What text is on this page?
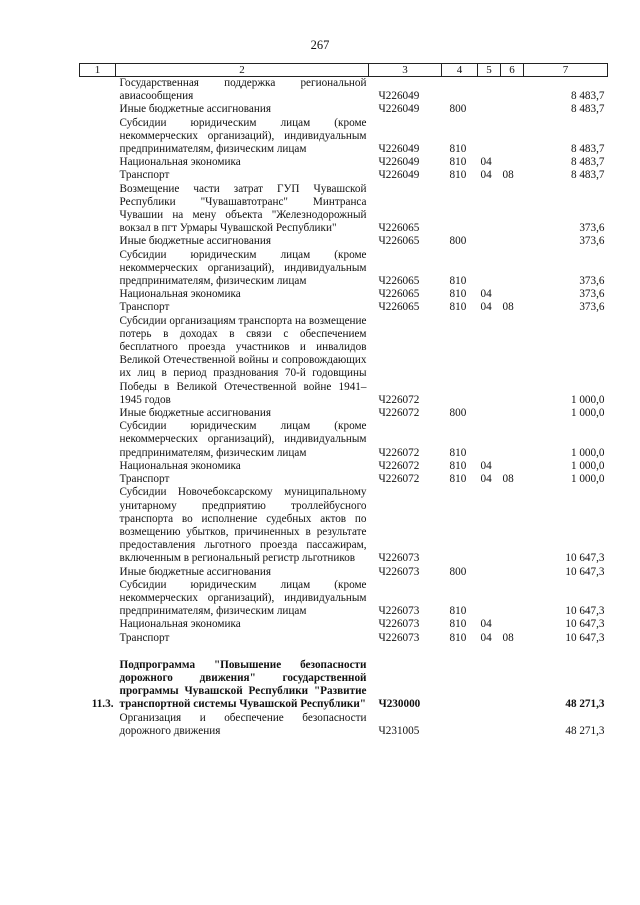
267
1	2	3	4	5	6	7
	Государственная поддержка региональной авиасообщения	Ч226049				8 483,7
	Иные бюджетные ассигнования	Ч226049	800			8 483,7
	Субсидии юридическим лицам (кроме некоммерческих организаций), индивидуальным предпринимателям, физическим лицам	Ч226049	810			8 483,7
	Национальная экономика	Ч226049	810	04		8 483,7
	Транспорт	Ч226049	810	04	08	8 483,7
	Возмещение части затрат ГУП Чувашской Республики "Чувашавтотранс" Минтранса Чувашии на мену объекта "Железнодорожный вокзал в пгт Урмары Чувашской Республики"	Ч226065				373,6
	Иные бюджетные ассигнования	Ч226065	800			373,6
	Субсидии юридическим лицам (кроме некоммерческих организаций), индивидуальным предпринимателям, физическим лицам	Ч226065	810			373,6
	Национальная экономика	Ч226065	810	04		373,6
	Транспорт	Ч226065	810	04	08	373,6
	Субсидии организациям транспорта на возмещение потерь в доходах в связи с обеспечением бесплатного проезда участников и инвалидов Великой Отечественной войны и сопровождающих их лиц в период празднования 70-й годовщины Победы в Великой Отечественной войне 1941–1945 годов	Ч226072				1 000,0
	Иные бюджетные ассигнования	Ч226072	800			1 000,0
	Субсидии юридическим лицам (кроме некоммерческих организаций), индивидуальным предпринимателям, физическим лицам	Ч226072	810			1 000,0
	Национальная экономика	Ч226072	810	04		1 000,0
	Транспорт	Ч226072	810	04	08	1 000,0
	Субсидии Новочебоксарскому муниципальному унитарному предприятию троллейбусного транспорта во исполнение судебных актов по возмещению убытков, причиненных в результате предоставления льготного проезда пассажирам, включенным в региональный регистр льготников	Ч226073				10 647,3
	Иные бюджетные ассигнования	Ч226073	800			10 647,3
	Субсидии юридическим лицам (кроме некоммерческих организаций), индивидуальным предпринимателям, физическим лицам	Ч226073	810			10 647,3
	Национальная экономика	Ч226073	810	04		10 647,3
	Транспорт	Ч226073	810	04	08	10 647,3

11.3.	Подпрограмма "Повышение безопасности дорожного движения" государственной программы Чувашской Республики "Развитие транспортной системы Чувашской Республики"	Ч230000				48 271,3
	Организация и обеспечение безопасности дорожного движения	Ч231005				48 271,3
